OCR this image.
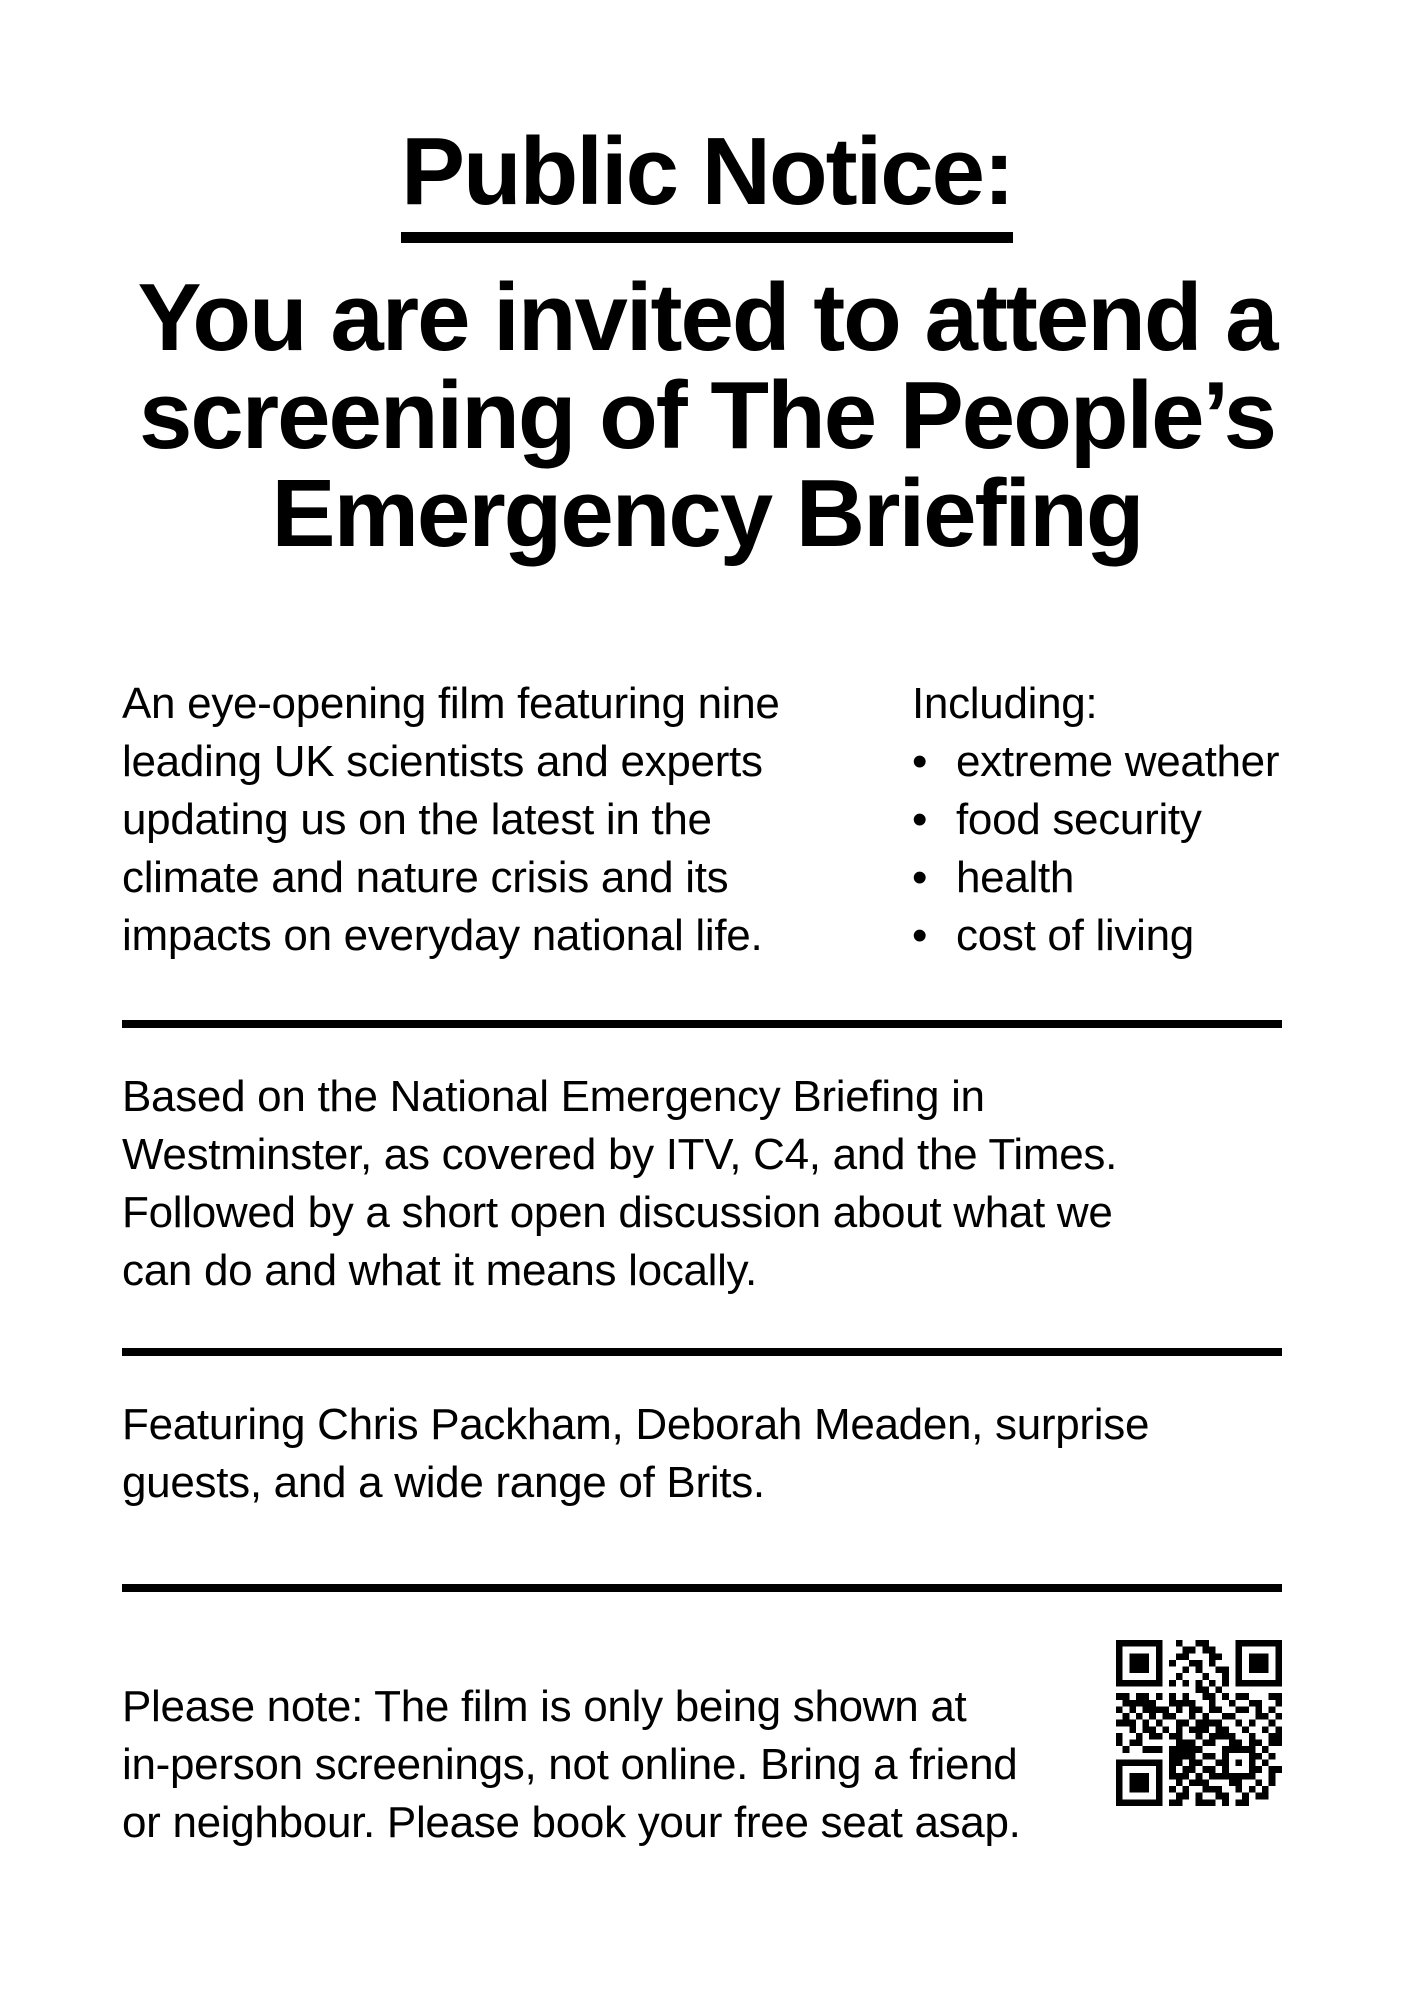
Public Notice:
You are invited to attend a
screening of The People’s
Emergency Briefing

An eye-opening film featuring nine
leading UK scientists and experts
updating us on the latest in the
climate and nature crisis and its
impacts on everyday national life.

Including:
• extreme weather
• food security
• health
• cost of living

Based on the National Emergency Briefing in
Westminster, as covered by ITV, C4, and the Times.
Followed by a short open discussion about what we
can do and what it means locally.

Featuring Chris Packham, Deborah Meaden, surprise
guests, and a wide range of Brits.

Please note: The film is only being shown at
in-person screenings, not online. Bring a friend
or neighbour. Please book your free seat asap.
